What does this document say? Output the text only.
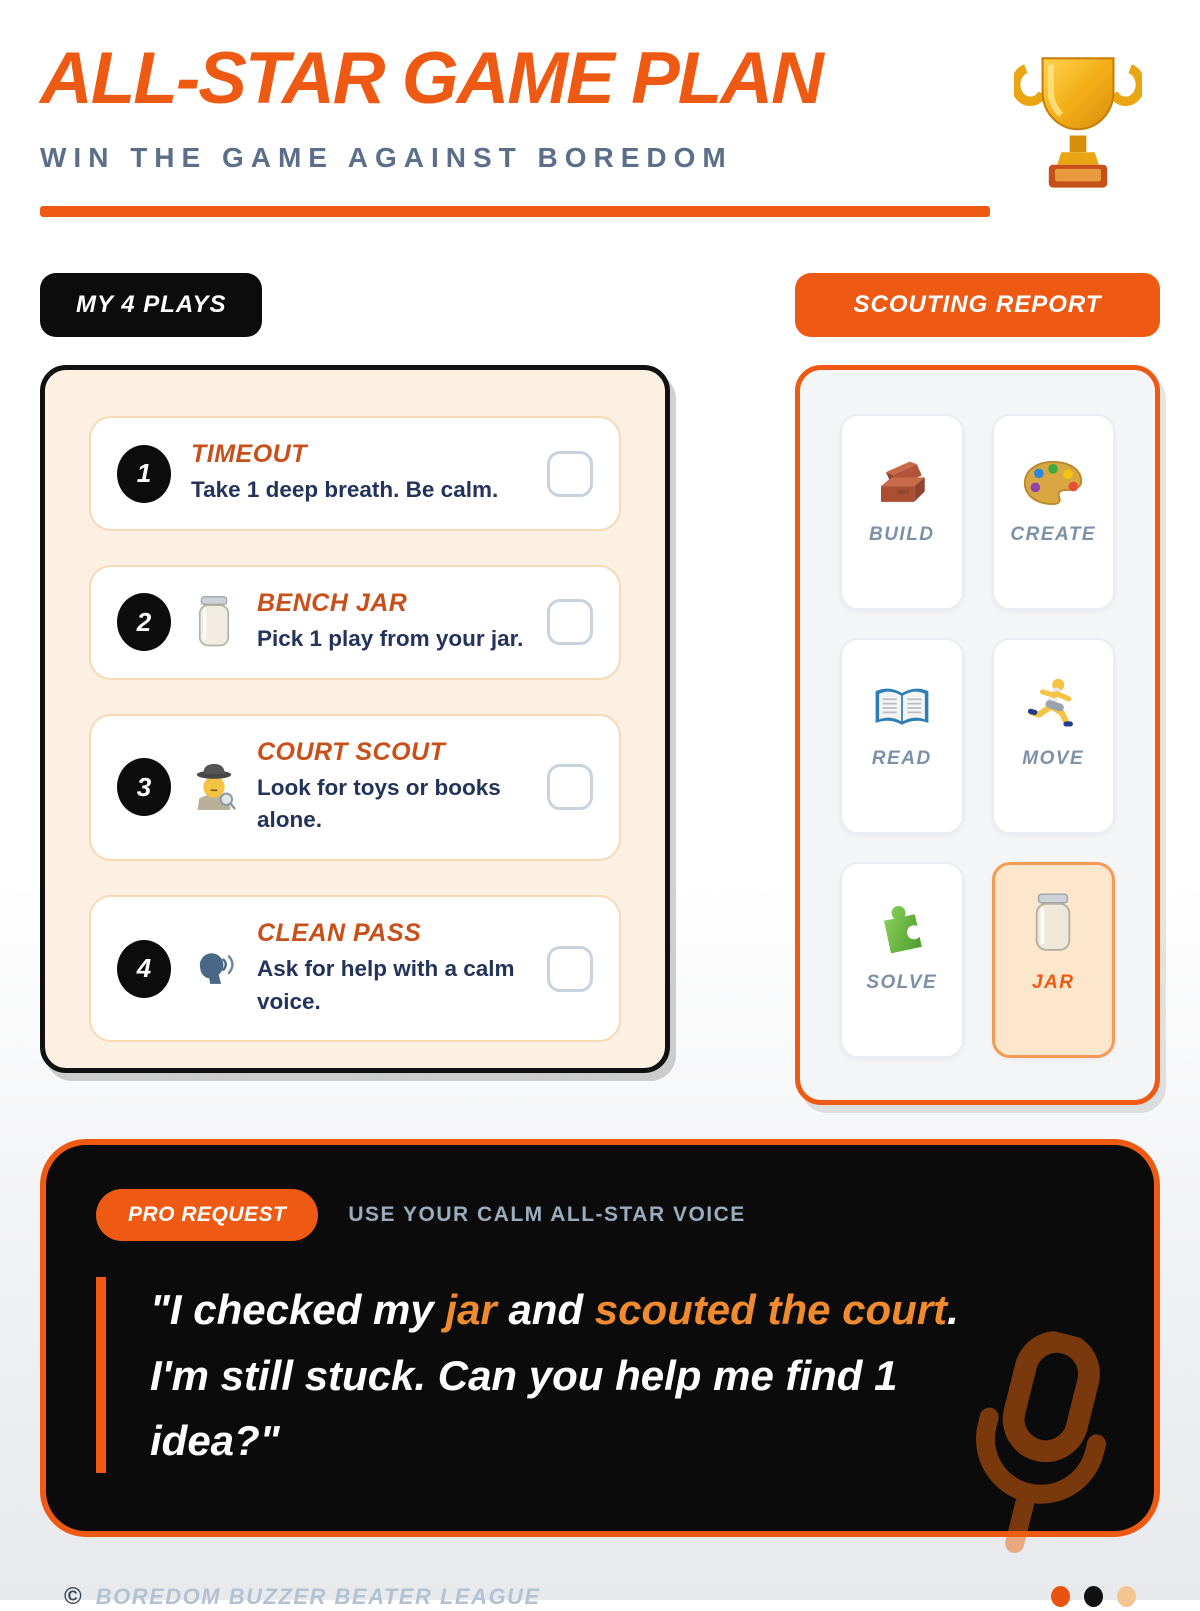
ALL-STAR GAME PLAN
WIN THE GAME AGAINST BOREDOM
MY 4 PLAYS
1
TIMEOUT
Take 1 deep breath. Be calm.
2
BENCH JAR
Pick 1 play from your jar.
3
COURT SCOUT
Look for toys or books alone.
4
CLEAN PASS
Ask for help with a calm voice.
SCOUTING REPORT
BUILD	CREATE
READ	MOVE
SOLVE	JAR
PRO REQUEST	USE YOUR CALM ALL-STAR VOICE
"I checked my jar and scouted the court. I'm still stuck. Can you help me find 1 idea?"
© BOREDOM BUZZER BEATER LEAGUE
